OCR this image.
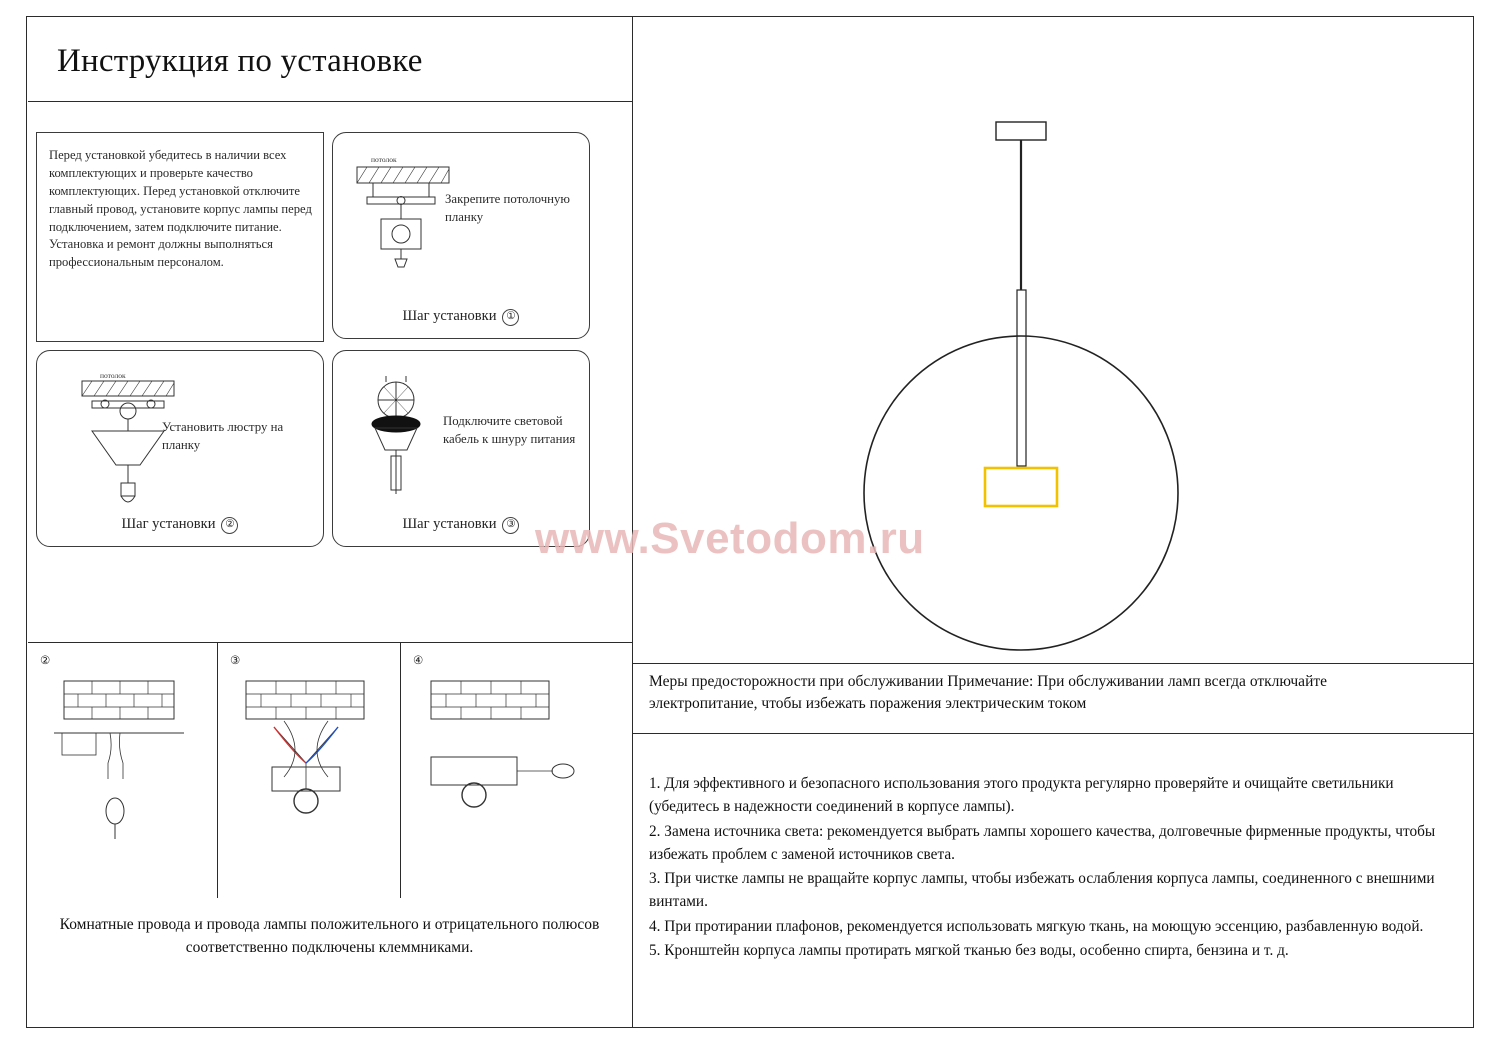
Инструкция по установке
Перед установкой убедитесь в наличии всех комплектующих и проверьте качество комплектующих. Перед установкой отключите главный провод, установите корпус лампы перед подключением, затем подключите питание. Установка и ремонт должны выполняться профессиональным персоналом.
потолок
Закрепите потолочную планку
Шаг установки ①
потолок
Установить люстру на планку
Шаг установки ②
Подключите световой кабель к шнуру питания
Шаг установки ③
②	③	④
Комнатные провода и провода лампы положительного и отрицательного полюсов соответственно подключены клеммниками.
www.Svetodom.ru
Меры предосторожности при обслуживании Примечание: При обслуживании ламп всегда отключайте электропитание, чтобы избежать поражения электрическим током
1. Для эффективного и безопасного использования этого продукта регулярно проверяйте и очищайте светильники (убедитесь в надежности соединений в корпусе лампы).
2. Замена источника света: рекомендуется выбрать лампы хорошего качества, долговечные фирменные продукты, чтобы избежать проблем с заменой источников света.
3. При чистке лампы не вращайте корпус лампы, чтобы избежать ослабления корпуса лампы, соединенного с внешними винтами.
4. При протирании плафонов, рекомендуется использовать мягкую ткань, на моющую эссенцию, разбавленную водой.
5. Кронштейн корпуса лампы протирать мягкой тканью без воды, особенно спирта, бензина и т. д.
